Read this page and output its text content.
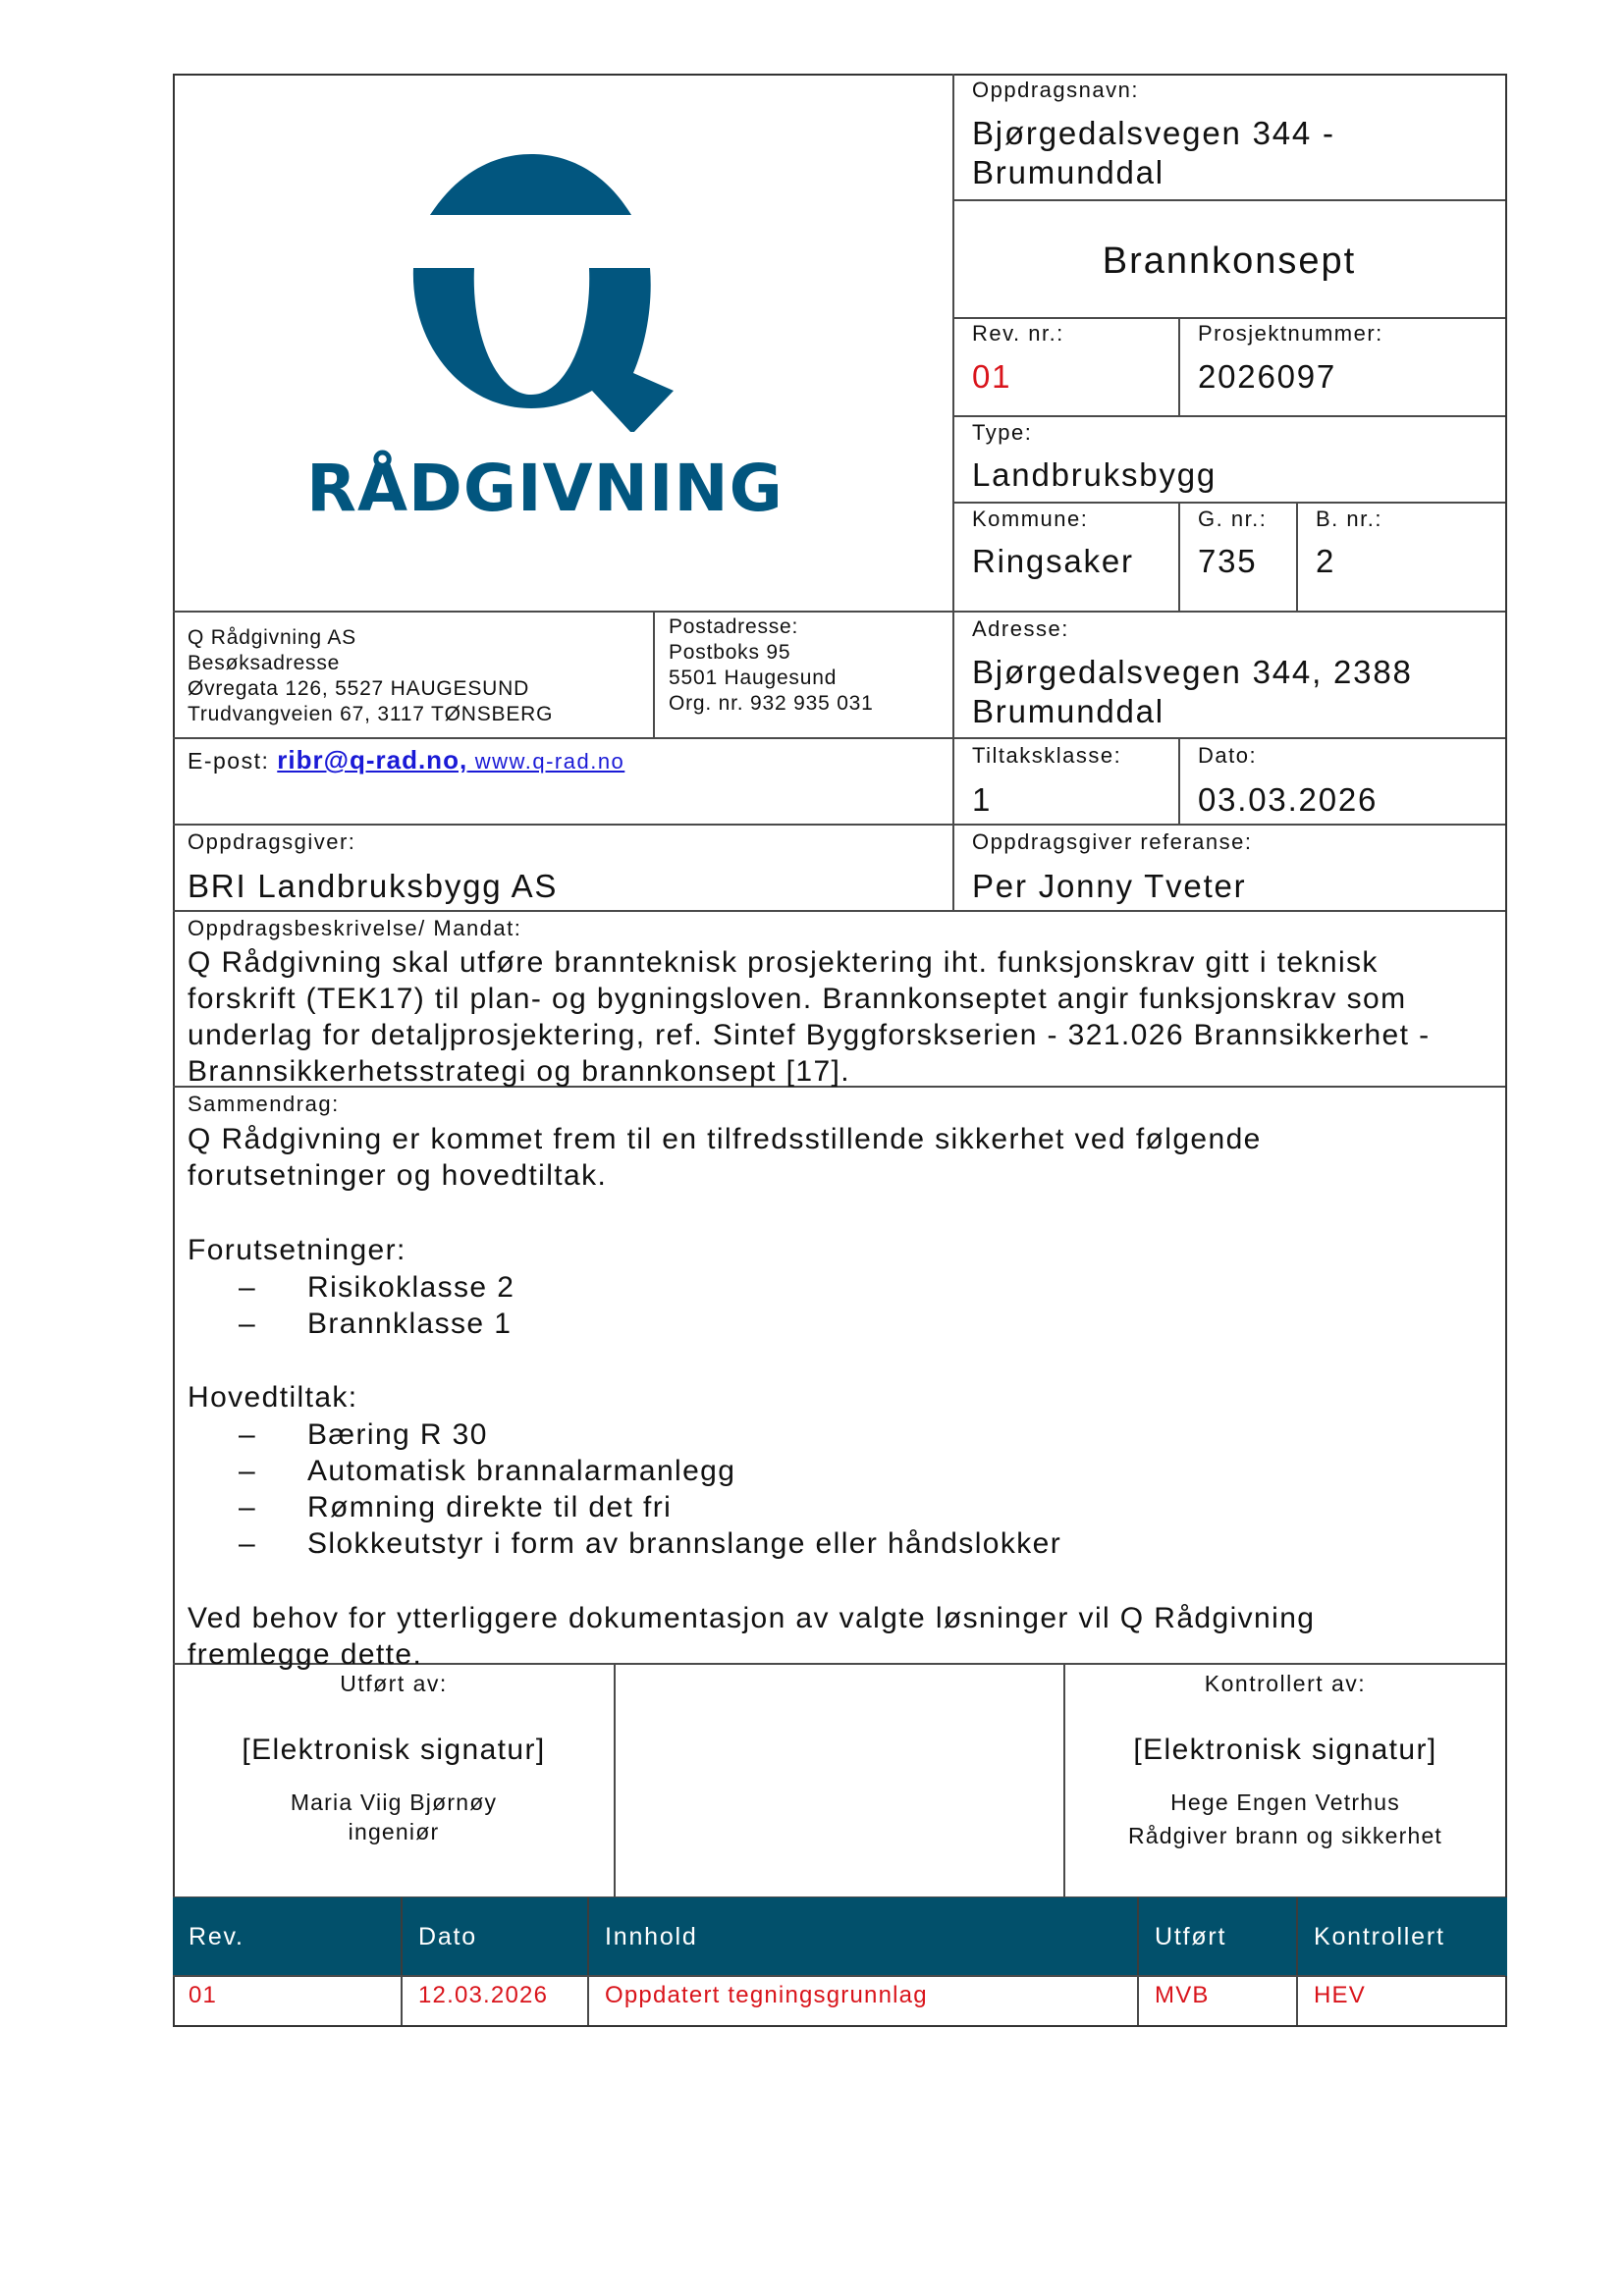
RÅDGIVNING
Oppdragsnavn:
Bjørgedalsvegen 344 -
Brumunddal
Brannkonsept
Rev. nr.:
01
Prosjektnummer:
2026097
Type:
Landbruksbygg
Kommune:
Ringsaker
G. nr.:
735
B. nr.:
2
Adresse:
Bjørgedalsvegen 344, 2388
Brumunddal
Tiltaksklasse:
1
Dato:
03.03.2026
Oppdragsgiver referanse:
Per Jonny Tveter
Q Rådgivning AS
Besøksadresse
Øvregata 126, 5527 HAUGESUND
Trudvangveien 67, 3117 TØNSBERG
Postadresse:
Postboks 95
5501 Haugesund
Org. nr. 932 935 031
E-post: ribr@q-rad.no, www.q-rad.no
Oppdragsgiver:
BRI Landbruksbygg AS
Oppdragsbeskrivelse/ Mandat:
Q Rådgivning skal utføre brannteknisk prosjektering iht. funksjonskrav gitt i teknisk forskrift (TEK17) til plan- og bygningsloven. Brannkonseptet angir funksjonskrav som underlag for detaljprosjektering, ref. Sintef Byggforskserien - 321.026 Brannsikkerhet - Brannsikkerhetsstrategi og brannkonsept [17].
Sammendrag:
Q Rådgivning er kommet frem til en tilfredsstillende sikkerhet ved følgende forutsetninger og hovedtiltak.
Forutsetninger:
–	Risikoklasse 2
–	Brannklasse 1
Hovedtiltak:
–	Bæring R 30
–	Automatisk brannalarmanlegg
–	Rømning direkte til det fri
–	Slokkeutstyr i form av brannslange eller håndslokker
Ved behov for ytterliggere dokumentasjon av valgte løsninger vil Q Rådgivning fremlegge dette.
Utført av:
[Elektronisk signatur]
Maria Viig Bjørnøy
ingeniør
Kontrollert av:
[Elektronisk signatur]
Hege Engen Vetrhus
Rådgiver brann og sikkerhet
Rev.	Dato	Innhold	Utført	Kontrollert
01	12.03.2026	Oppdatert tegningsgrunnlag	MVB	HEV
